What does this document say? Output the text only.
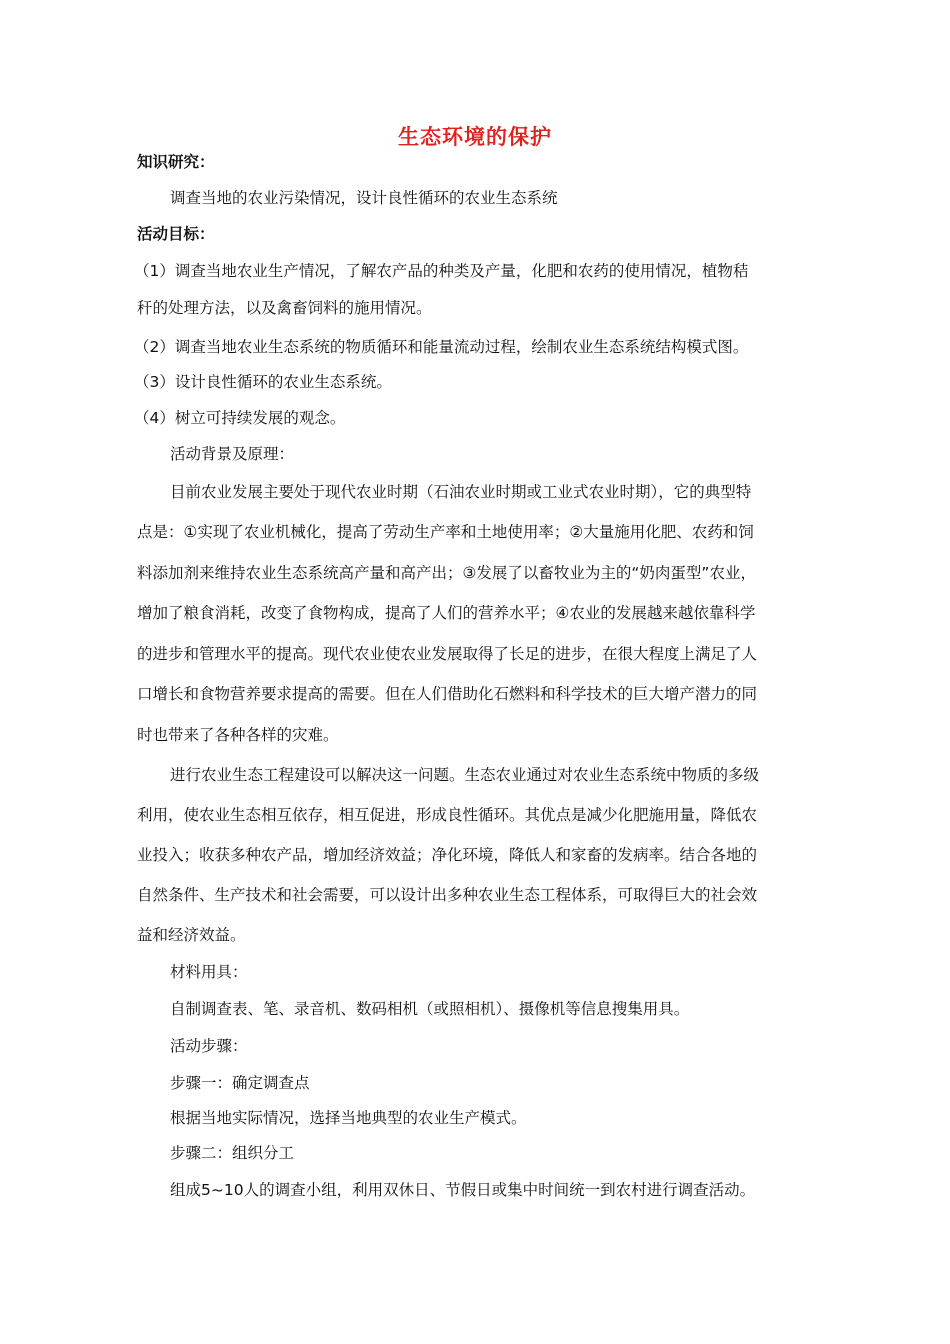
生态环境的保护
知识研究：
调查当地的农业污染情况，设计良性循环的农业生态系统
活动目标：
（1）调查当地农业生产情况，了解农产品的种类及产量，化肥和农药的使用情况，植物秸
秆的处理方法，以及禽畜饲料的施用情况。
（2）调查当地农业生态系统的物质循环和能量流动过程，绘制农业生态系统结构模式图。
（3）设计良性循环的农业生态系统。
（4）树立可持续发展的观念。
活动背景及原理：
目前农业发展主要处于现代农业时期（石油农业时期或工业式农业时期），它的典型特
点是：①实现了农业机械化，提高了劳动生产率和土地使用率；②大量施用化肥、农药和饲
料添加剂来维持农业生态系统高产量和高产出；③发展了以畜牧业为主的“奶肉蛋型”农业，
增加了粮食消耗，改变了食物构成，提高了人们的营养水平；④农业的发展越来越依靠科学
的进步和管理水平的提高。现代农业使农业发展取得了长足的进步，在很大程度上满足了人
口增长和食物营养要求提高的需要。但在人们借助化石燃料和科学技术的巨大增产潜力的同
时也带来了各种各样的灾难。
进行农业生态工程建设可以解决这一问题。生态农业通过对农业生态系统中物质的多级
利用，使农业生态相互依存，相互促进，形成良性循环。其优点是减少化肥施用量，降低农
业投入；收获多种农产品，增加经济效益；净化环境，降低人和家畜的发病率。结合各地的
自然条件、生产技术和社会需要，可以设计出多种农业生态工程体系，可取得巨大的社会效
益和经济效益。
材料用具：
自制调查表、笔、录音机、数码相机（或照相机）、摄像机等信息搜集用具。
活动步骤：
步骤一：确定调查点
根据当地实际情况，选择当地典型的农业生产模式。
步骤二：组织分工
组成5~10人的调查小组，利用双休日、节假日或集中时间统一到农村进行调查活动。
